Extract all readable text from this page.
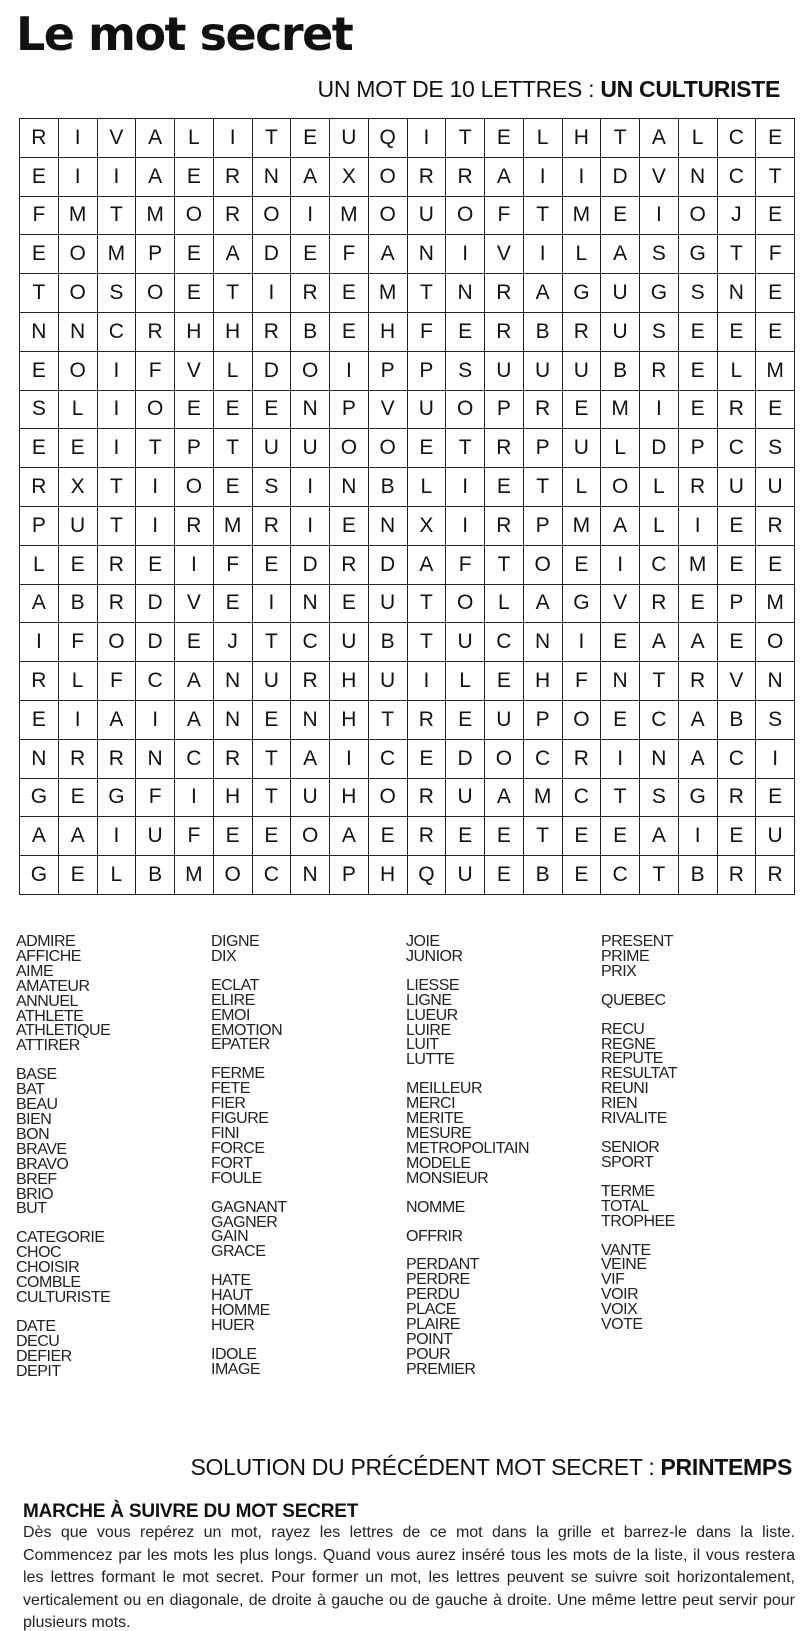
Le mot secret
UN MOT DE 10 LETTRES : UN CULTURISTE
R	I	V	A	L	I	T	E	U	Q	I	T	E	L	H	T	A	L	C	E
E	I	I	A	E	R	N	A	X	O	R	R	A	I	I	D	V	N	C	T
F	M	T	M	O	R	O	I	M	O	U	O	F	T	M	E	I	O	J	E
E	O	M	P	E	A	D	E	F	A	N	I	V	I	L	A	S	G	T	F
T	O	S	O	E	T	I	R	E	M	T	N	R	A	G	U	G	S	N	E
N	N	C	R	H	H	R	B	E	H	F	E	R	B	R	U	S	E	E	E
E	O	I	F	V	L	D	O	I	P	P	S	U	U	U	B	R	E	L	M
S	L	I	O	E	E	E	N	P	V	U	O	P	R	E	M	I	E	R	E
E	E	I	T	P	T	U	U	O	O	E	T	R	P	U	L	D	P	C	S
R	X	T	I	O	E	S	I	N	B	L	I	E	T	L	O	L	R	U	U
P	U	T	I	R	M	R	I	E	N	X	I	R	P	M	A	L	I	E	R
L	E	R	E	I	F	E	D	R	D	A	F	T	O	E	I	C	M	E	E
A	B	R	D	V	E	I	N	E	U	T	O	L	A	G	V	R	E	P	M
I	F	O	D	E	J	T	C	U	B	T	U	C	N	I	E	A	A	E	O
R	L	F	C	A	N	U	R	H	U	I	L	E	H	F	N	T	R	V	N
E	I	A	I	A	N	E	N	H	T	R	E	U	P	O	E	C	A	B	S
N	R	R	N	C	R	T	A	I	C	E	D	O	C	R	I	N	A	C	I
G	E	G	F	I	H	T	U	H	O	R	U	A	M	C	T	S	G	R	E
A	A	I	U	F	E	E	O	A	E	R	E	E	T	E	E	A	I	E	U
G	E	L	B	M	O	C	N	P	H	Q	U	E	B	E	C	T	B	R	R
ADMIRE
AFFICHE
AIME
AMATEUR
ANNUEL
ATHLETE
ATHLETIQUE
ATTIRER
BASE
BAT
BEAU
BIEN
BON
BRAVE
BRAVO
BREF
BRIO
BUT
CATEGORIE
CHOC
CHOISIR
COMBLE
CULTURISTE
DATE
DECU
DEFIER
DEPIT
DIGNE
DIX
ECLAT
ELIRE
EMOI
EMOTION
EPATER
FERME
FETE
FIER
FIGURE
FINI
FORCE
FORT
FOULE
GAGNANT
GAGNER
GAIN
GRACE
HATE
HAUT
HOMME
HUER
IDOLE
IMAGE
JOIE
JUNIOR
LIESSE
LIGNE
LUEUR
LUIRE
LUIT
LUTTE
MEILLEUR
MERCI
MERITE
MESURE
METROPOLITAIN
MODELE
MONSIEUR
NOMME
OFFRIR
PERDANT
PERDRE
PERDU
PLACE
PLAIRE
POINT
POUR
PREMIER
PRESENT
PRIME
PRIX
QUEBEC
RECU
REGNE
REPUTE
RESULTAT
REUNI
RIEN
RIVALITE
SENIOR
SPORT
TERME
TOTAL
TROPHEE
VANTE
VEINE
VIF
VOIR
VOIX
VOTE
SOLUTION DU PRÉCÉDENT MOT SECRET : PRINTEMPS
MARCHE À SUIVRE DU MOT SECRET
Dès que vous repérez un mot, rayez les lettres de ce mot dans la grille et barrez-le dans la liste. Commencez par les mots les plus longs. Quand vous aurez inséré tous les mots de la liste, il vous restera les lettres formant le mot secret. Pour former un mot, les lettres peuvent se suivre soit horizontalement, verticalement ou en diagonale, de droite à gauche ou de gauche à droite. Une même lettre peut servir pour plusieurs mots.
